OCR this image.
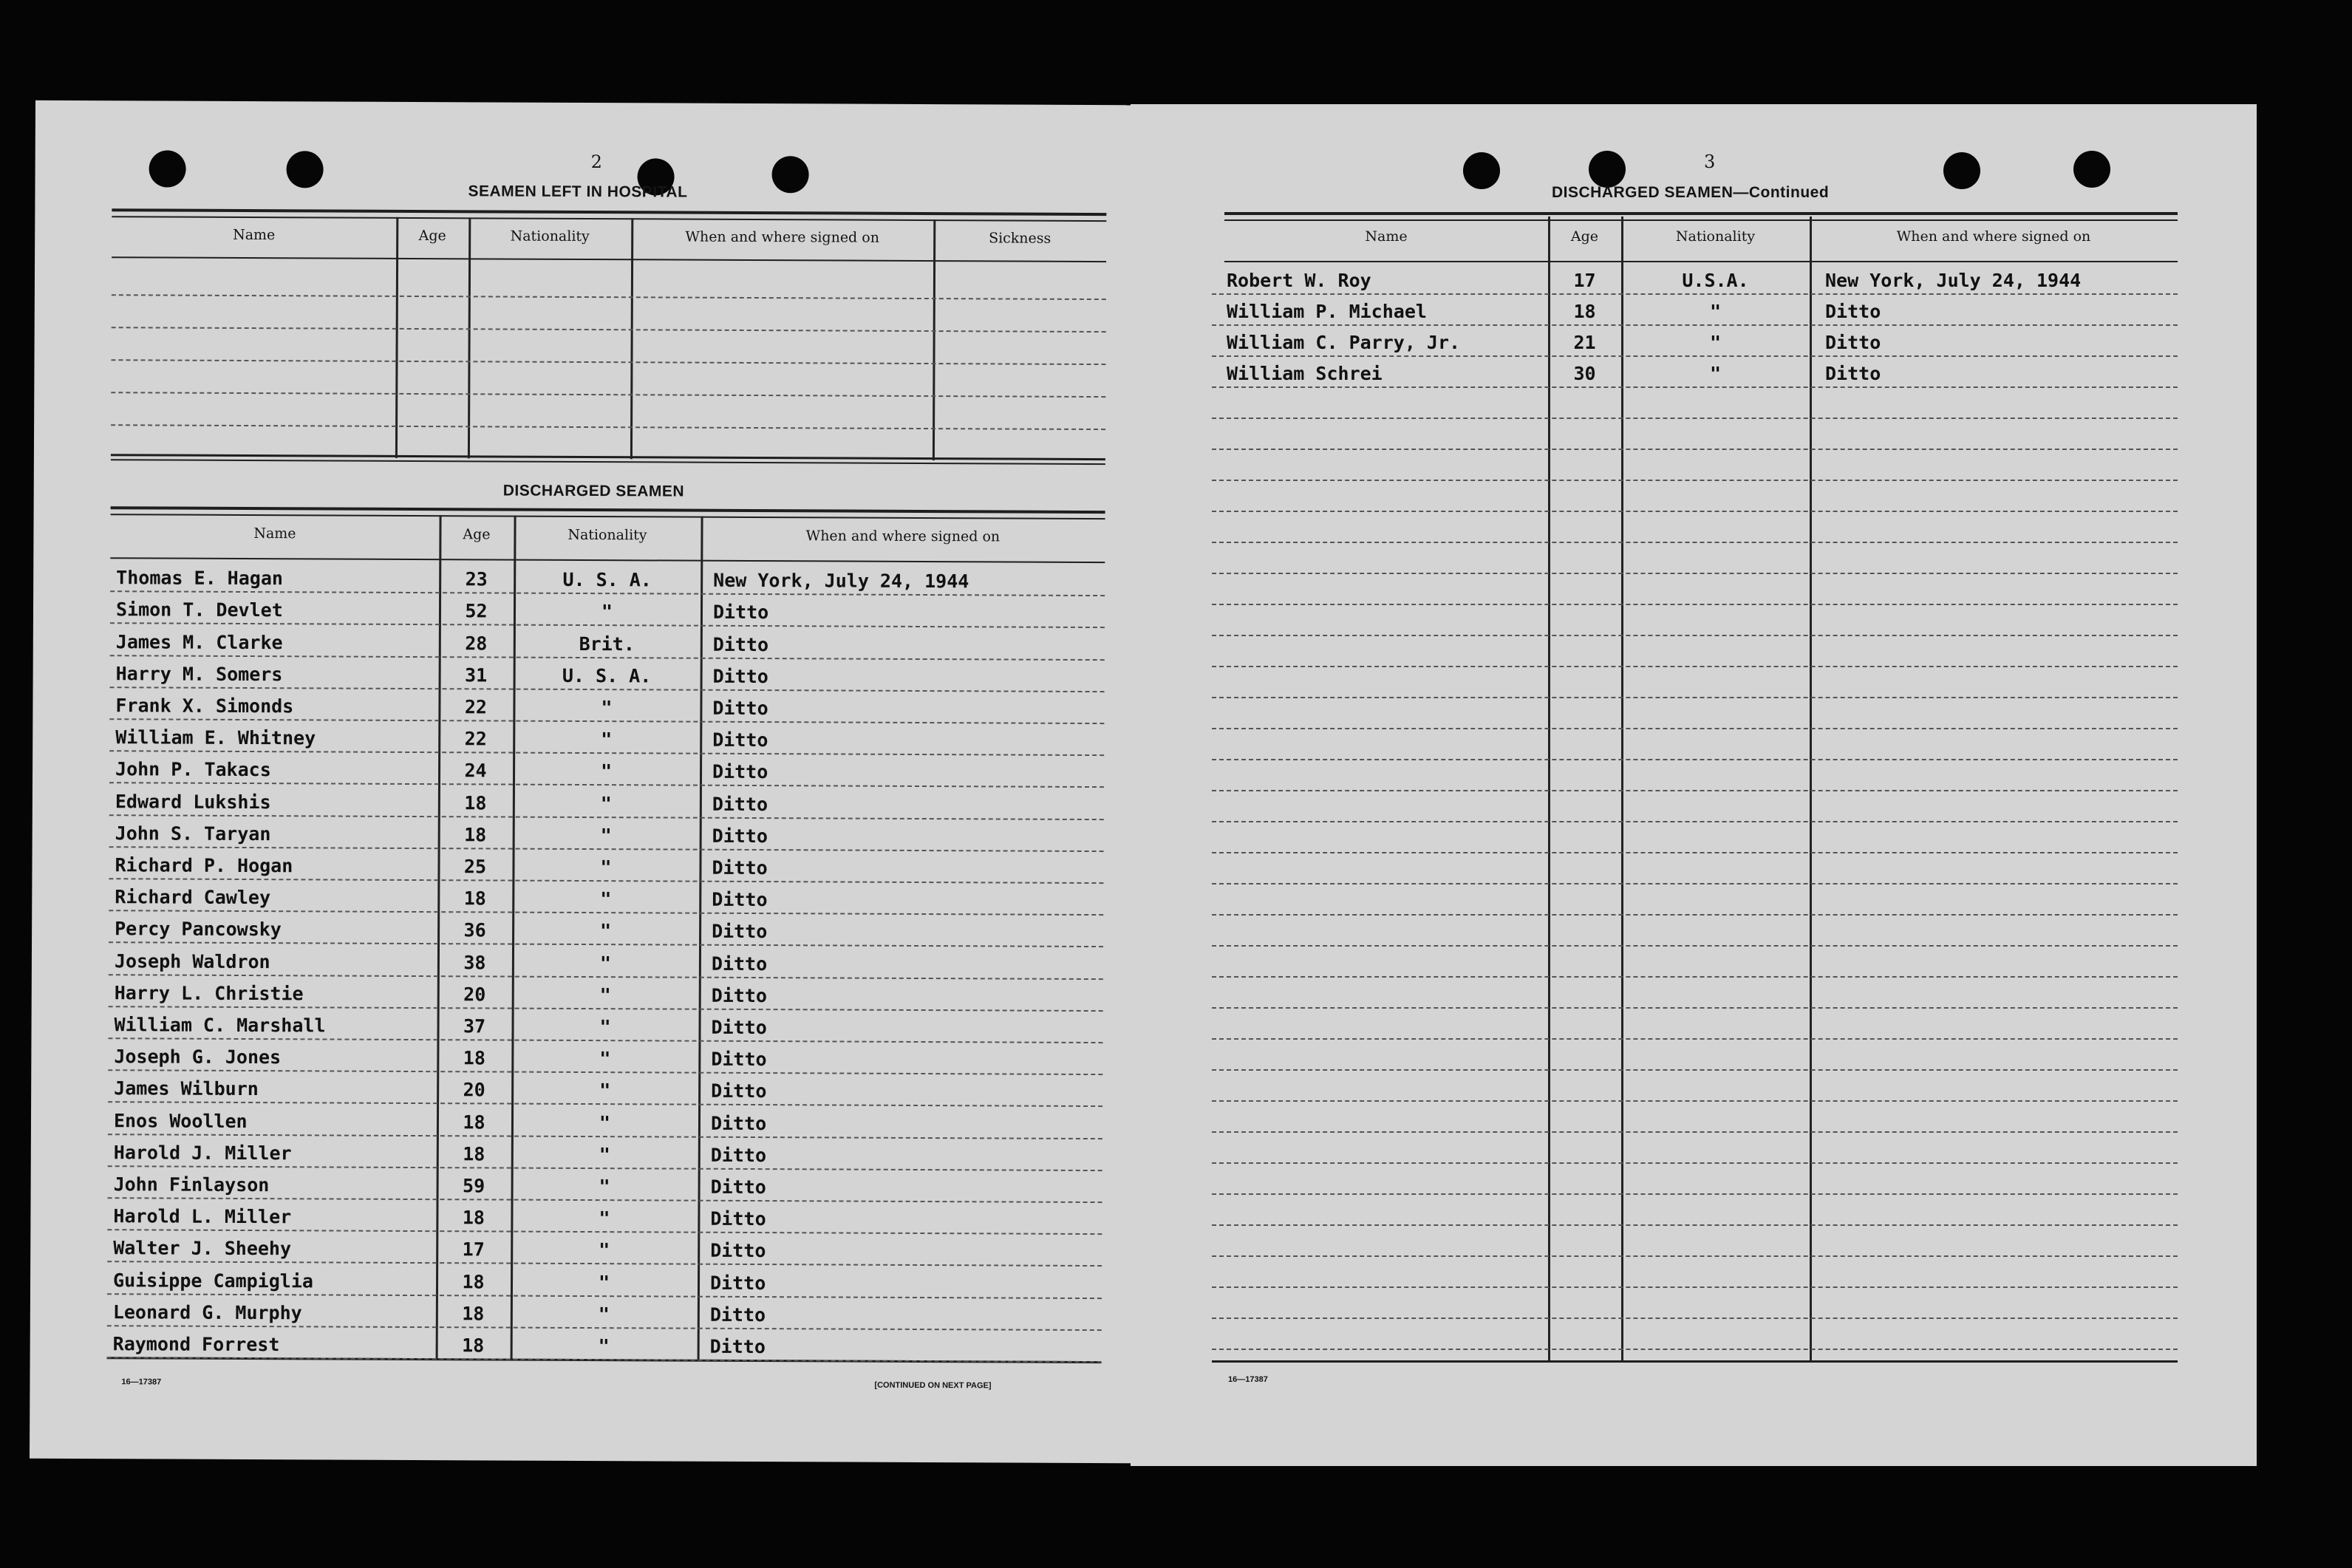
2
SEAMEN LEFT IN HOSPITAL
Name	Age	Nationality	When and where signed on	Sickness
DISCHARGED SEAMEN
Name	Age	Nationality	When and where signed on
Thomas E. Hagan	23	U. S. A.	New York, July 24, 1944
Simon T. Devlet	52	"	Ditto
James M. Clarke	28	Brit.	Ditto
Harry M. Somers	31	U. S. A.	Ditto
Frank X. Simonds	22	"	Ditto
William E. Whitney	22	"	Ditto
John P. Takacs	24	"	Ditto
Edward Lukshis	18	"	Ditto
John S. Taryan	18	"	Ditto
Richard P. Hogan	25	"	Ditto
Richard Cawley	18	"	Ditto
Percy Pancowsky	36	"	Ditto
Joseph Waldron	38	"	Ditto
Harry L. Christie	20	"	Ditto
William C. Marshall	37	"	Ditto
Joseph G. Jones	18	"	Ditto
James Wilburn	20	"	Ditto
Enos Woollen	18	"	Ditto
Harold J. Miller	18	"	Ditto
John Finlayson	59	"	Ditto
Harold L. Miller	18	"	Ditto
Walter J. Sheehy	17	"	Ditto
Guisippe Campiglia	18	"	Ditto
Leonard G. Murphy	18	"	Ditto
Raymond Forrest	18	"	Ditto
16—17387	[CONTINUED ON NEXT PAGE]
3
DISCHARGED SEAMEN—Continued
Name	Age	Nationality	When and where signed on
Robert W. Roy	17	U.S.A.	New York, July 24, 1944
William P. Michael	18	"	Ditto
William C. Parry, Jr.	21	"	Ditto
William Schrei	30	"	Ditto
16—17387
